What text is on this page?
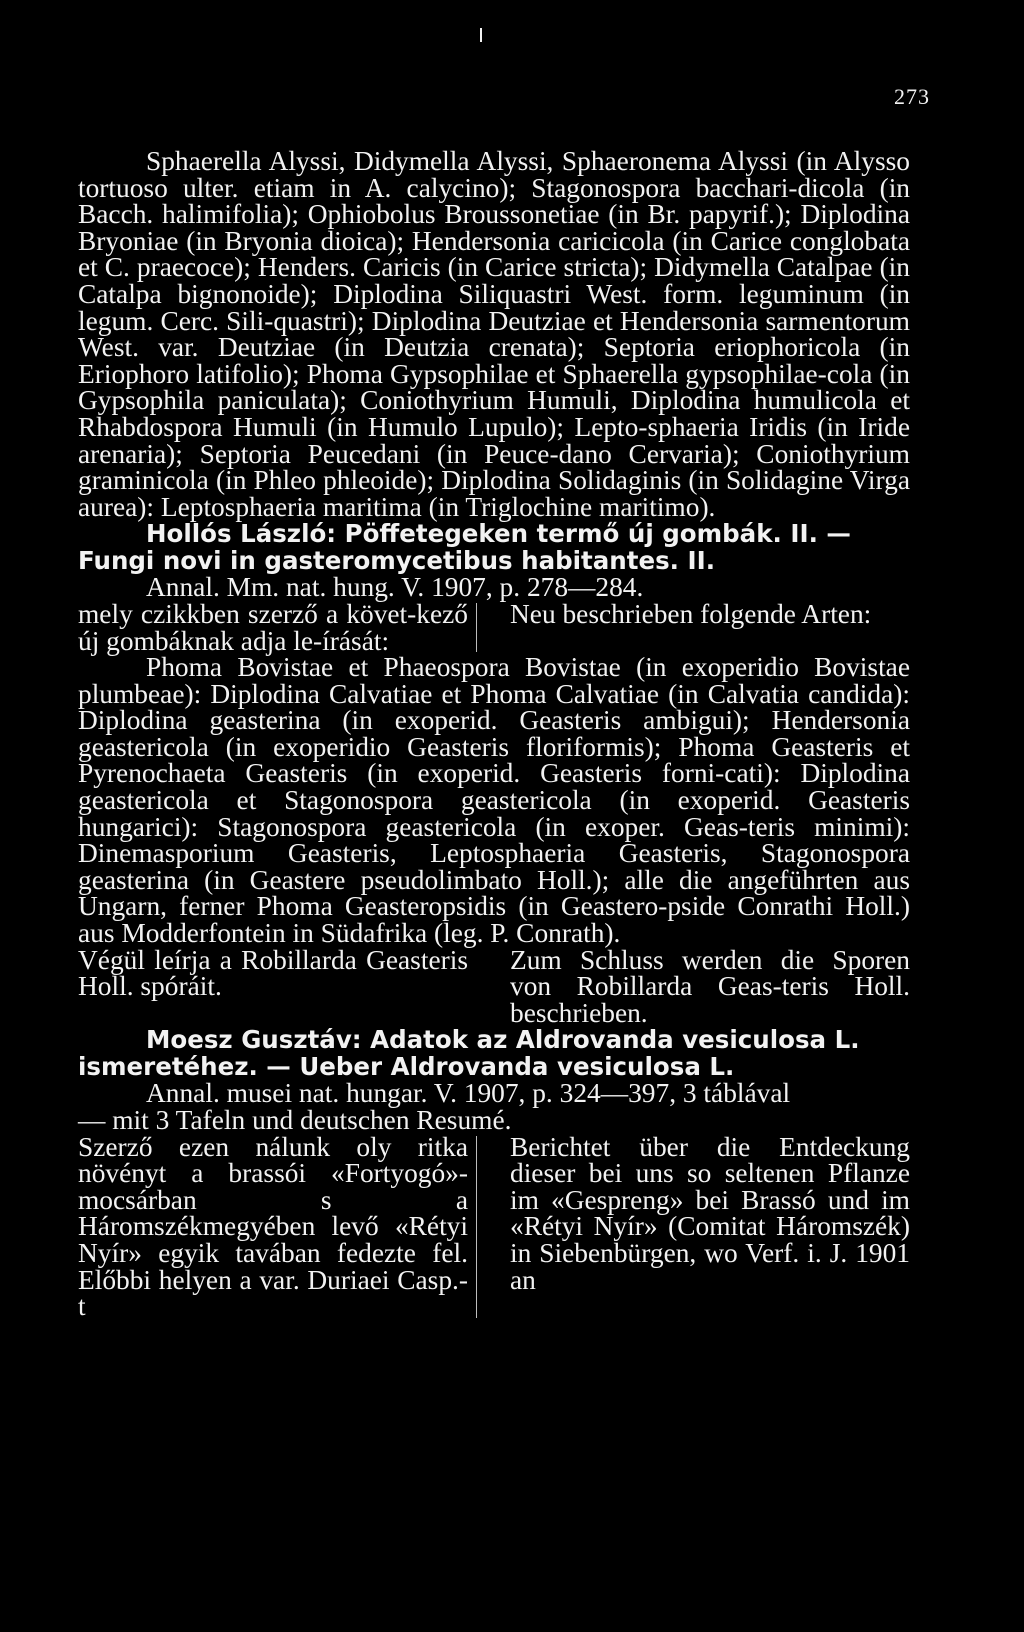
273

Sphaerella Alyssi, Didymella Alyssi, Sphaeronema Alyssi (in Alysso tortuoso ulter. etiam in A. calycino); Stagonospora bacchari-dicola (in Bacch. halimifolia); Ophiobolus Broussonetiae (in Br. papyrif.); Diplodina Bryoniae (in Bryonia dioica); Hendersonia caricicola (in Carice conglobata et C. praecoce); Henders. Caricis (in Carice stricta); Didymella Catalpae (in Catalpa bignonoide); Diplodina Siliquastri West. form. leguminum (in legum. Cerc. Sili-quastri); Diplodina Deutziae et Hendersonia sarmentorum West. var. Deutziae (in Deutzia crenata); Septoria eriophoricola (in Eriophoro latifolio); Phoma Gypsophilae et Sphaerella gypsophilae-cola (in Gypsophila paniculata); Coniothyrium Humuli, Diplodina humulicola et Rhabdospora Humuli (in Humulo Lupulo); Lepto-sphaeria Iridis (in Iride arenaria); Septoria Peucedani (in Peuce-dano Cervaria); Coniothyrium graminicola (in Phleo phleoide); Diplodina Solidaginis (in Solidagine Virga aurea): Leptosphaeria maritima (in Triglochine maritimo).

Hollós László: Pöffetegeken termő új gombák. II. —
Fungi novi in gasteromycetibus habitantes. II.
Annal. Mm. nat. hung. V. 1907, p. 278—284.

mely czikkben szerző a követ-kező új gombáknak adja le-írását:

Neu beschrieben folgende Arten:

Phoma Bovistae et Phaeospora Bovistae (in exoperidio Bovistae plumbeae): Diplodina Calvatiae et Phoma Calvatiae (in Calvatia candida): Diplodina geasterina (in exoperid. Geasteris ambigui); Hendersonia geastericola (in exoperidio Geasteris floriformis); Phoma Geasteris et Pyrenochaeta Geasteris (in exoperid. Geasteris forni-cati): Diplodina geastericola et Stagonospora geastericola (in exoperid. Geasteris hungarici): Stagonospora geastericola (in exoper. Geas-teris minimi): Dinemasporium Geasteris, Leptosphaeria Geasteris, Stagonospora geasterina (in Geastere pseudolimbato Holl.); alle die angeführten aus Ungarn, ferner Phoma Geasteropsidis (in Geastero-pside Conrathi Holl.) aus Modderfontein in Südafrika (leg. P. Conrath).

Végül leírja a Robillarda Geasteris Holl. spóráit.

Zum Schluss werden die Sporen von Robillarda Geas-teris Holl. beschrieben.

Moesz Gusztáv: Adatok az Aldrovanda vesiculosa L.
ismeretéhez. — Ueber Aldrovanda vesiculosa L.
Annal. musei nat. hungar. V. 1907, p. 324—397, 3 táblával
— mit 3 Tafeln und deutschen Resumé.

Szerző ezen nálunk oly ritka növényt a brassói «Fortyogó»-mocsárban s a Háromszékmegyében levő «Rétyi Nyír» egyik tavában fedezte fel. Előbbi helyen a var. Duriaei Casp.-t

Berichtet über die Entdeckung dieser bei uns so seltenen Pflanze im «Gespreng» bei Brassó und im «Rétyi Nyír» (Comitat Háromszék) in Siebenbürgen, wo Verf. i. J. 1901 an
